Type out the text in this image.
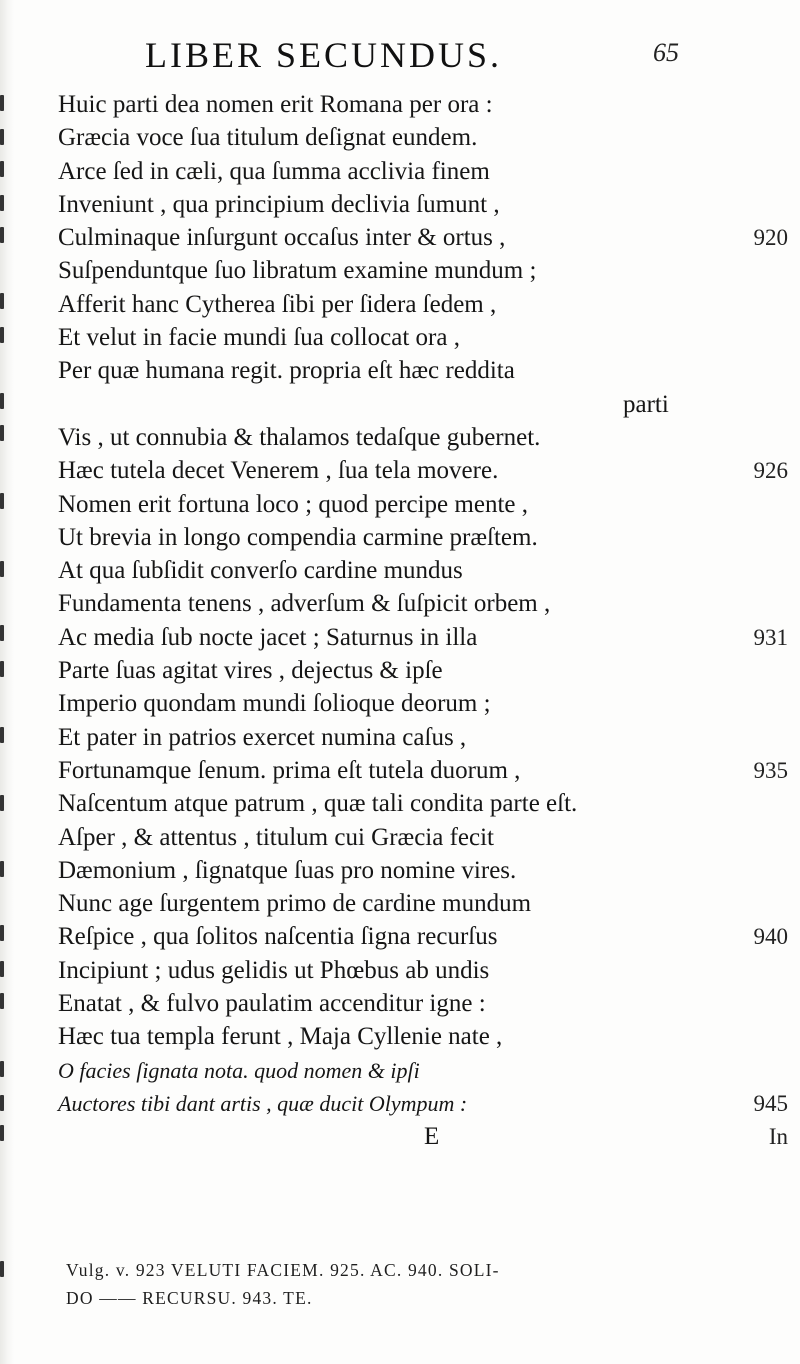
LIBER SECUNDUS.	65
Huic parti dea nomen erit Romana per ora :
Græcia voce ſua titulum deſignat eundem.
Arce ſed in cæli, qua ſumma acclivia finem
Inveniunt , qua principium declivia ſumunt ,
Culminaque inſurgunt occaſus inter & ortus ,	920
Suſpenduntque ſuo libratum examine mundum ;
Afferit hanc Cytherea ſibi per ſidera ſedem ,
Et velut in facie mundi ſua collocat ora ,
Per quæ humana regit. propria eſt hæc reddita
parti
Vis , ut connubia & thalamos tedaſque gubernet.
Hæc tutela decet Venerem , ſua tela movere.	926
Nomen erit fortuna loco ; quod percipe mente ,
Ut brevia in longo compendia carmine præſtem.
At qua ſubſidit converſo cardine mundus
Fundamenta tenens , adverſum & ſuſpicit orbem ,
Ac media ſub nocte jacet ; Saturnus in illa	931
Parte ſuas agitat vires , dejectus & ipſe
Imperio quondam mundi ſolioque deorum ;
Et pater in patrios exercet numina caſus ,
Fortunamque ſenum. prima eſt tutela duorum ,	935
Naſcentum atque patrum , quæ tali condita parte eſt.
Aſper , & attentus , titulum cui Græcia fecit
Dæmonium , ſignatque ſuas pro nomine vires.
Nunc age ſurgentem primo de cardine mundum
Reſpice , qua ſolitos naſcentia ſigna recurſus	940
Incipiunt ; udus gelidis ut Phœbus ab undis
Enatat , & fulvo paulatim accenditur igne :
Hæc tua templa ferunt , Maja Cyllenie nate ,
O facies ſignata nota. quod nomen & ipſi
Auctores tibi dant artis , quæ ducit Olympum :	945
E	In
Vulg. v. 923 VELUTI FACIEM. 925. AC. 940. SOLI-
DO —— RECURSU. 943. TE.
